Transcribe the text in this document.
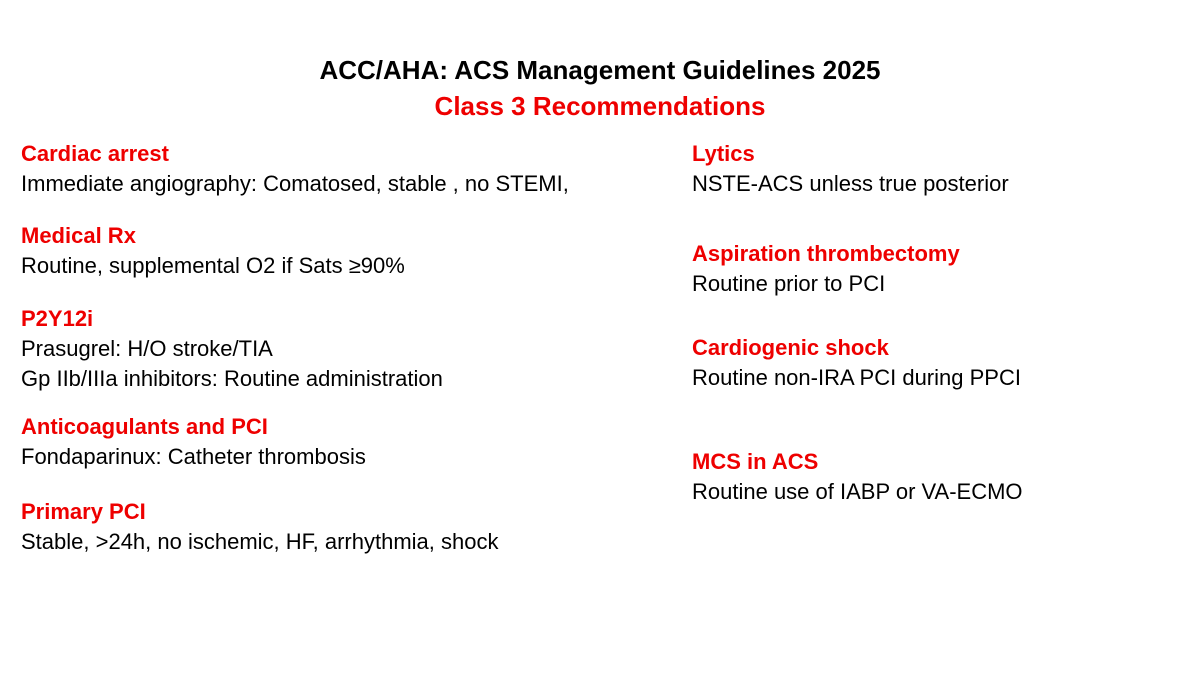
ACC/AHA: ACS Management Guidelines 2025
Class 3 Recommendations
Cardiac arrest
Immediate angiography: Comatosed, stable , no STEMI,
Medical Rx
Routine, supplemental O2 if Sats ≥90%
P2Y12i
Prasugrel: H/O stroke/TIA
Gp IIb/IIIa inhibitors: Routine administration
Anticoagulants and PCI
Fondaparinux: Catheter thrombosis
Primary PCI
Stable, >24h, no ischemic, HF, arrhythmia, shock
Lytics
NSTE-ACS unless true posterior
Aspiration thrombectomy
Routine prior to PCI
Cardiogenic shock
Routine non-IRA PCI during PPCI
MCS in ACS
Routine use of IABP or VA-ECMO
